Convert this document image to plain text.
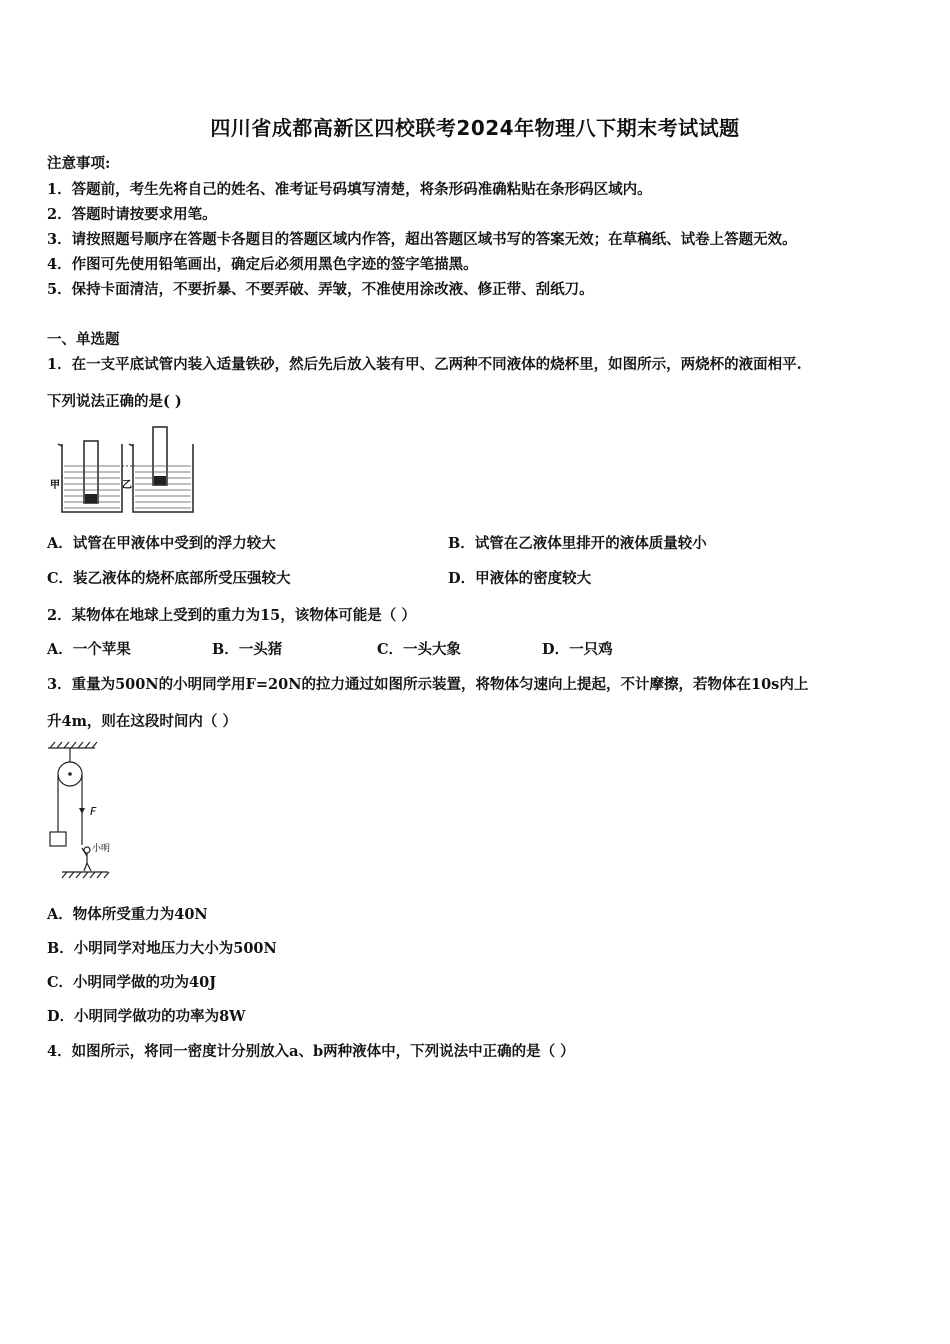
四川省成都高新区四校联考2024年物理八下期末考试试题
注意事项:
1．答题前，考生先将自己的姓名、准考证号码填写清楚，将条形码准确粘贴在条形码区域内。
2．答题时请按要求用笔。
3．请按照题号顺序在答题卡各题目的答题区域内作答，超出答题区域书写的答案无效；在草稿纸、试卷上答题无效。
4．作图可先使用铅笔画出，确定后必须用黑色字迹的签字笔描黑。
5．保持卡面清洁，不要折暴、不要弄破、弄皱，不准使用涂改液、修正带、刮纸刀。
一、单选题
1．在一支平底试管内装入适量铁砂，然后先后放入装有甲、乙两种不同液体的烧杯里，如图所示，两烧杯的液面相平.
下列说法正确的是( )
甲	乙
A．试管在甲液体中受到的浮力较大	B．试管在乙液体里排开的液体质量较小
C．装乙液体的烧杯底部所受压强较大	D．甲液体的密度较大
2．某物体在地球上受到的重力为15，该物体可能是（ ）
A．一个苹果	B．一头猪	C．一头大象	D．一只鸡
3．重量为500N的小明同学用F=20N的拉力通过如图所示装置，将物体匀速向上提起，不计摩擦，若物体在10s内上
升4m，则在这段时间内（ ）
F
小明
A．物体所受重力为40N
B．小明同学对地压力大小为500N
C．小明同学做的功为40J
D．小明同学做功的功率为8W
4．如图所示，将同一密度计分别放入a、b两种液体中，下列说法中正确的是（ ）
